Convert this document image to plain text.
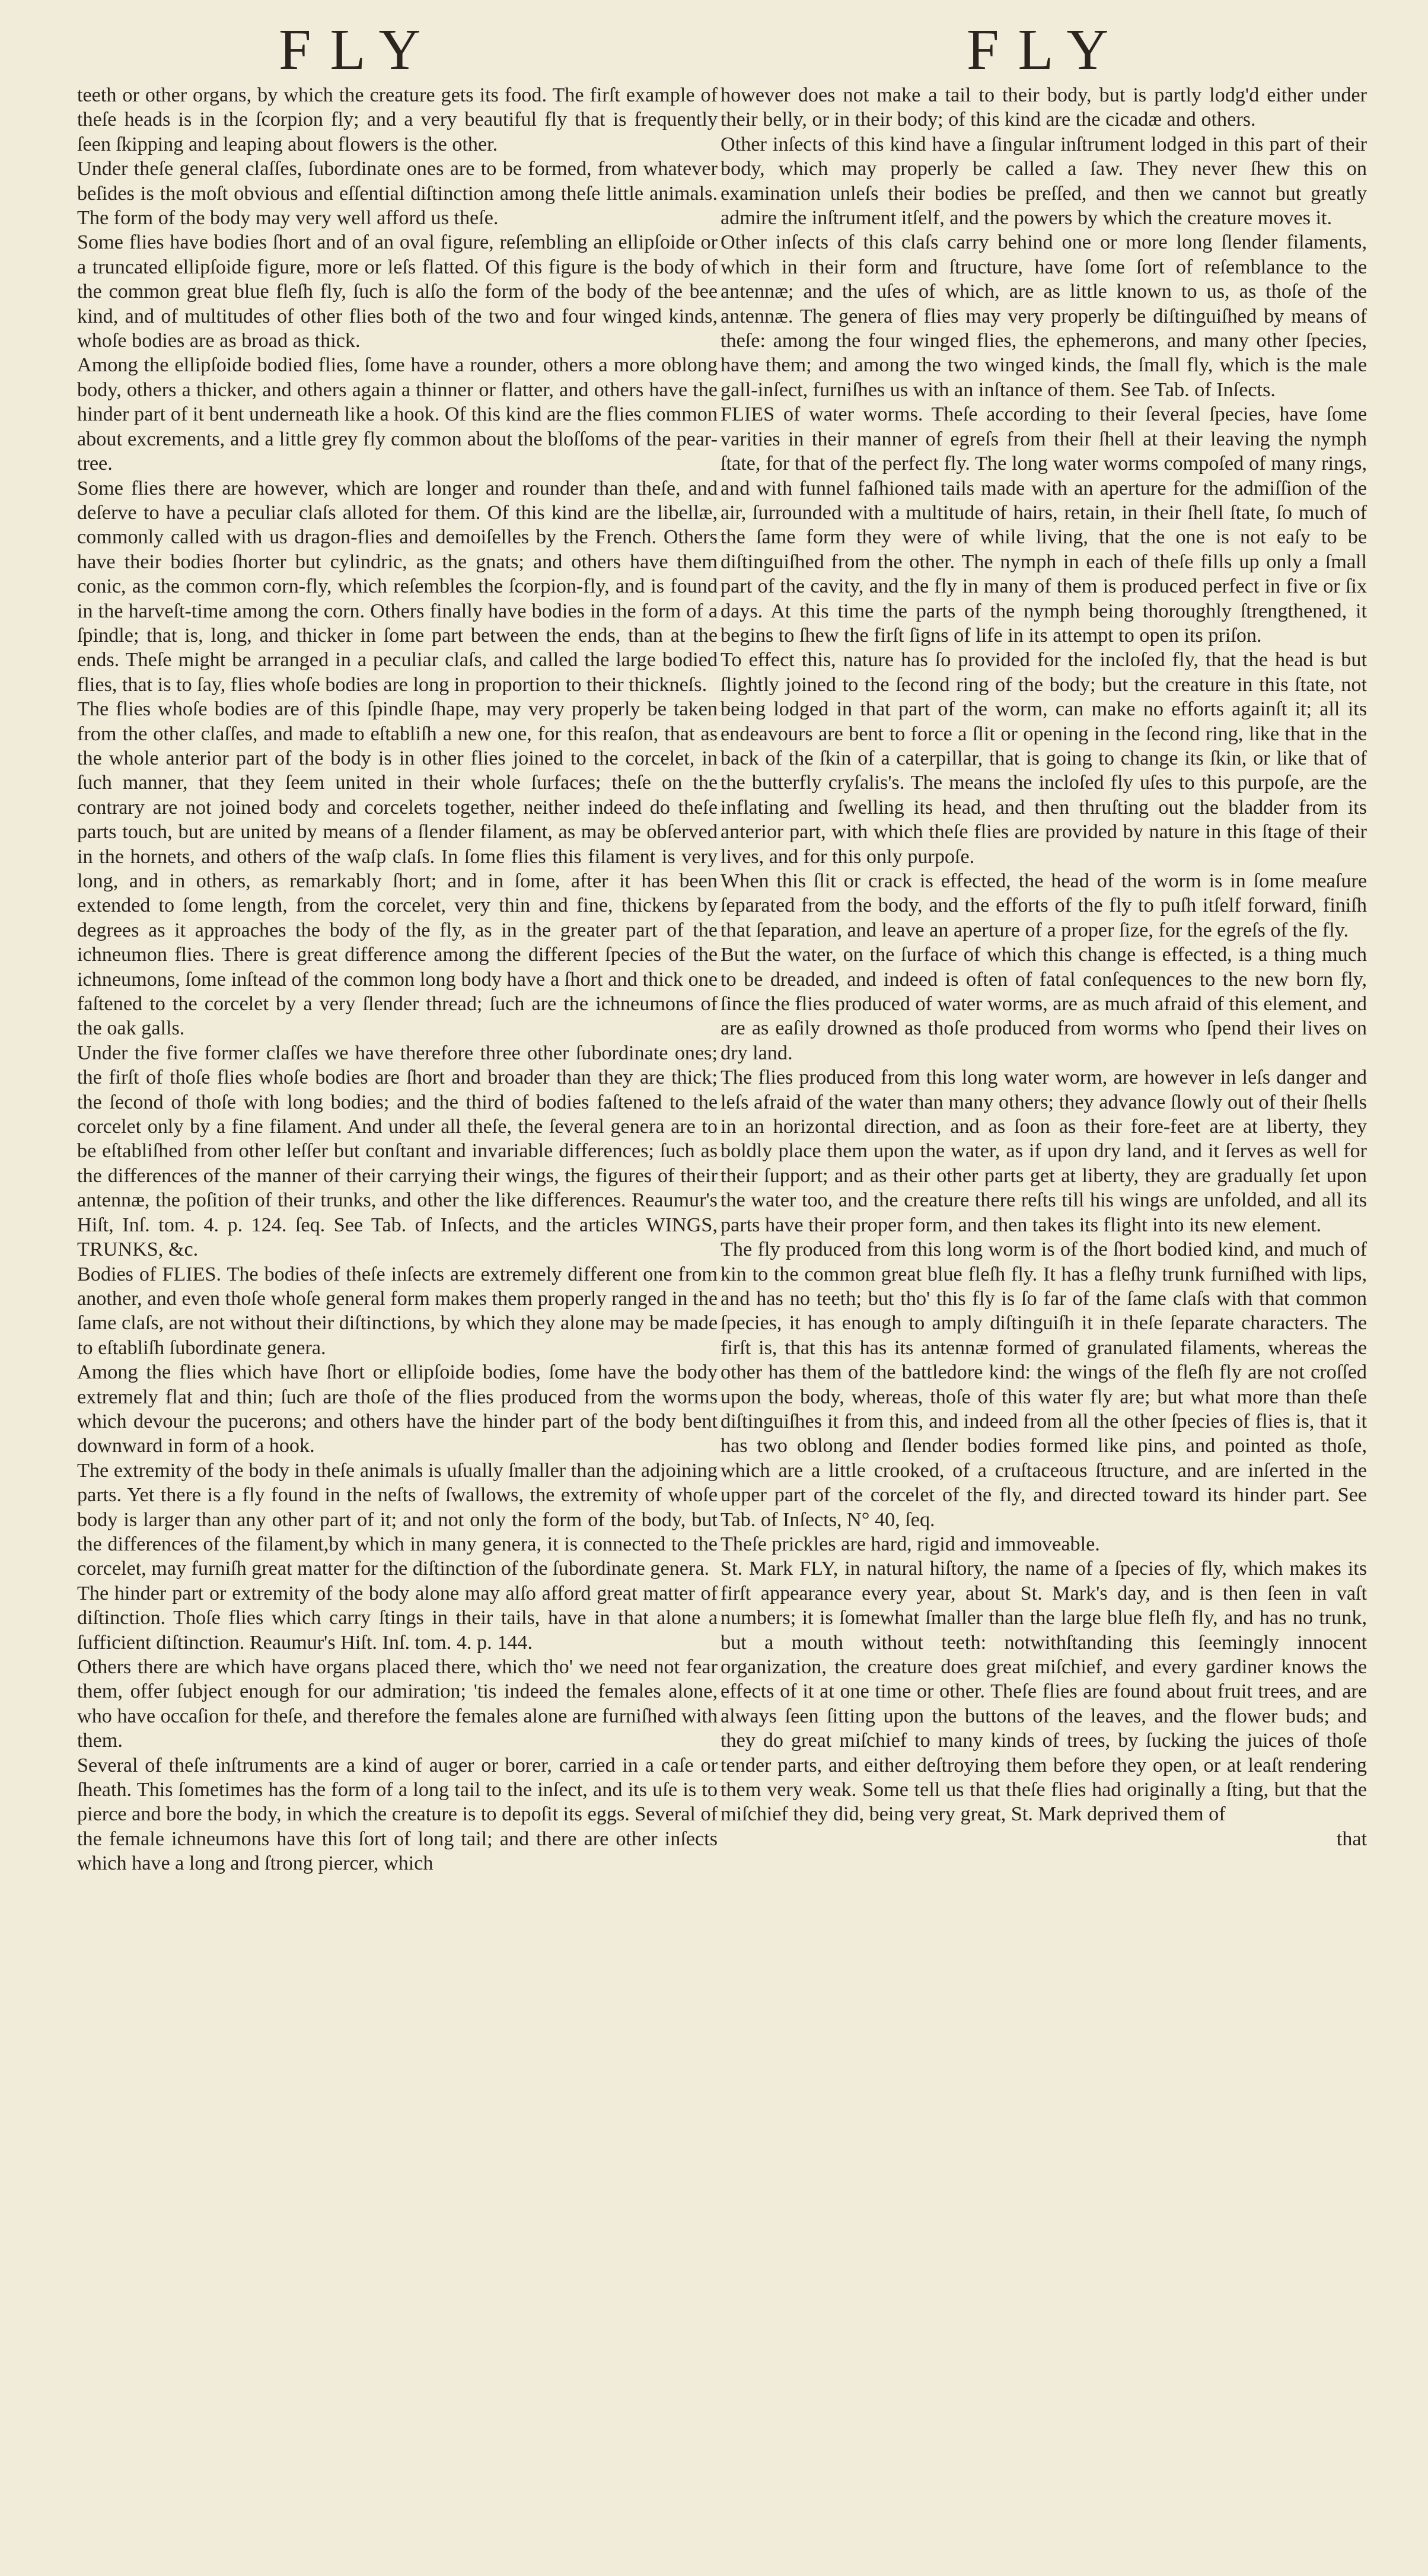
FLY	FLY

teeth or other organs, by which the creature gets its food. The firſt example of theſe heads is in the ſcorpion fly; and a very beautiful fly that is frequently ſeen ſkipping and leaping about flowers is the other.

Under theſe general claſſes, ſubordinate ones are to be formed, from whatever beſides is the moſt obvious and eſſential diſtinction among theſe little animals. The form of the body may very well afford us theſe.

Some flies have bodies ſhort and of an oval figure, reſembling an ellipſoide or a truncated ellipſoide figure, more or leſs flatted. Of this figure is the body of the common great blue fleſh fly, ſuch is alſo the form of the body of the bee kind, and of multitudes of other flies both of the two and four winged kinds, whoſe bodies are as broad as thick.

Among the ellipſoide bodied flies, ſome have a rounder, others a more oblong body, others a thicker, and others again a thinner or flatter, and others have the hinder part of it bent underneath like a hook. Of this kind are the flies common about excrements, and a little grey fly common about the bloſſoms of the pear-tree.

Some flies there are however, which are longer and rounder than theſe, and deſerve to have a peculiar claſs alloted for them. Of this kind are the libellæ, commonly called with us dragon-flies and demoiſelles by the French. Others have their bodies ſhorter but cylindric, as the gnats; and others have them conic, as the common corn-fly, which reſembles the ſcorpion-fly, and is found in the harveſt-time among the corn. Others finally have bodies in the form of a ſpindle; that is, long, and thicker in ſome part between the ends, than at the ends. Theſe might be arranged in a peculiar claſs, and called the large bodied flies, that is to ſay, flies whoſe bodies are long in proportion to their thickneſs.

The flies whoſe bodies are of this ſpindle ſhape, may very properly be taken from the other claſſes, and made to eſtabliſh a new one, for this reaſon, that as the whole anterior part of the body is in other flies joined to the corcelet, in ſuch manner, that they ſeem united in their whole ſurfaces; theſe on the contrary are not joined body and corcelets together, neither indeed do theſe parts touch, but are united by means of a ſlender filament, as may be obſerved in the hornets, and others of the waſp claſs. In ſome flies this filament is very long, and in others, as remarkably ſhort; and in ſome, after it has been extended to ſome length, from the corcelet, very thin and fine, thickens by degrees as it approaches the body of the fly, as in the greater part of the ichneumon flies. There is great difference among the different ſpecies of the ichneumons, ſome inſtead of the common long body have a ſhort and thick one faſtened to the corcelet by a very ſlender thread; ſuch are the ichneumons of the oak galls.

Under the five former claſſes we have therefore three other ſubordinate ones; the firſt of thoſe flies whoſe bodies are ſhort and broader than they are thick; the ſecond of thoſe with long bodies; and the third of bodies faſtened to the corcelet only by a fine filament. And under all theſe, the ſeveral genera are to be eſtabliſhed from other leſſer but conſtant and invariable differences; ſuch as the differences of the manner of their carrying their wings, the figures of their antennæ, the poſition of their trunks, and other the like differences. Reaumur's Hiſt, Inſ. tom. 4. p. 124. ſeq. See Tab. of Inſects, and the articles WINGS, TRUNKS, &c.

Bodies of FLIES. The bodies of theſe inſects are extremely different one from another, and even thoſe whoſe general form makes them properly ranged in the ſame claſs, are not without their diſtinctions, by which they alone may be made to eſtabliſh ſubordinate genera.

Among the flies which have ſhort or ellipſoide bodies, ſome have the body extremely flat and thin; ſuch are thoſe of the flies produced from the worms which devour the pucerons; and others have the hinder part of the body bent downward in form of a hook.

The extremity of the body in theſe animals is uſually ſmaller than the adjoining parts. Yet there is a fly found in the neſts of ſwallows, the extremity of whoſe body is larger than any other part of it; and not only the form of the body, but the differences of the filament,by which in many genera, it is connected to the corcelet, may furniſh great matter for the diſtinction of the ſubordinate genera.

The hinder part or extremity of the body alone may alſo afford great matter of diſtinction. Thoſe flies which carry ſtings in their tails, have in that alone a ſufficient diſtinction. Reaumur's Hiſt. Inſ. tom. 4. p. 144.

Others there are which have organs placed there, which tho' we need not fear them, offer ſubject enough for our admiration; 'tis indeed the females alone, who have occaſion for theſe, and therefore the females alone are furniſhed with them.

Several of theſe inſtruments are a kind of auger or borer, carried in a caſe or ſheath. This ſometimes has the form of a long tail to the inſect, and its uſe is to pierce and bore the body, in which the creature is to depoſit its eggs. Several of the female ichneumons have this ſort of long tail; and there are other inſects which have a long and ſtrong piercer, which

however does not make a tail to their body, but is partly lodg'd either under their belly, or in their body; of this kind are the cicadæ and others.

Other inſects of this kind have a ſingular inſtrument lodged in this part of their body, which may properly be called a ſaw. They never ſhew this on examination unleſs their bodies be preſſed, and then we cannot but greatly admire the inſtrument itſelf, and the powers by which the creature moves it.

Other inſects of this claſs carry behind one or more long ſlender filaments, which in their form and ſtructure, have ſome ſort of reſemblance to the antennæ; and the uſes of which, are as little known to us, as thoſe of the antennæ. The genera of flies may very properly be diſtinguiſhed by means of theſe: among the four winged flies, the ephemerons, and many other ſpecies, have them; and among the two winged kinds, the ſmall fly, which is the male gall-inſect, furniſhes us with an inſtance of them. See Tab. of Inſects.

FLIES of water worms. Theſe according to their ſeveral ſpecies, have ſome varities in their manner of egreſs from their ſhell at their leaving the nymph ſtate, for that of the perfect fly. The long water worms compoſed of many rings, and with funnel faſhioned tails made with an aperture for the admiſſion of the air, ſurrounded with a multitude of hairs, retain, in their ſhell ſtate, ſo much of the ſame form they were of while living, that the one is not eaſy to be diſtinguiſhed from the other. The nymph in each of theſe fills up only a ſmall part of the cavity, and the fly in many of them is produced perfect in five or ſix days. At this time the parts of the nymph being thoroughly ſtrengthened, it begins to ſhew the firſt ſigns of life in its attempt to open its priſon.

To effect this, nature has ſo provided for the incloſed fly, that the head is but ſlightly joined to the ſecond ring of the body; but the creature in this ſtate, not being lodged in that part of the worm, can make no efforts againſt it; all its endeavours are bent to force a ſlit or opening in the ſecond ring, like that in the back of the ſkin of a caterpillar, that is going to change its ſkin, or like that of the butterfly cryſalis's. The means the incloſed fly uſes to this purpoſe, are the inflating and ſwelling its head, and then thruſting out the bladder from its anterior part, with which theſe flies are provided by nature in this ſtage of their lives, and for this only purpoſe.

When this ſlit or crack is effected, the head of the worm is in ſome meaſure ſeparated from the body, and the efforts of the fly to puſh itſelf forward, finiſh that ſeparation, and leave an aperture of a proper ſize, for the egreſs of the fly.

But the water, on the ſurface of which this change is effected, is a thing much to be dreaded, and indeed is often of fatal conſequences to the new born fly, ſince the flies produced of water worms, are as much afraid of this element, and are as eaſily drowned as thoſe produced from worms who ſpend their lives on dry land.

The flies produced from this long water worm, are however in leſs danger and leſs afraid of the water than many others; they advance ſlowly out of their ſhells in an horizontal direction, and as ſoon as their fore-feet are at liberty, they boldly place them upon the water, as if upon dry land, and it ſerves as well for their ſupport; and as their other parts get at liberty, they are gradually ſet upon the water too, and the creature there reſts till his wings are unfolded, and all its parts have their proper form, and then takes its flight into its new element.

The fly produced from this long worm is of the ſhort bodied kind, and much of kin to the common great blue fleſh fly. It has a fleſhy trunk furniſhed with lips, and has no teeth; but tho' this fly is ſo far of the ſame claſs with that common ſpecies, it has enough to amply diſtinguiſh it in theſe ſeparate characters. The firſt is, that this has its antennæ formed of granulated filaments, whereas the other has them of the battledore kind: the wings of the fleſh fly are not croſſed upon the body, whereas, thoſe of this water fly are; but what more than theſe diſtinguiſhes it from this, and indeed from all the other ſpecies of flies is, that it has two oblong and ſlender bodies formed like pins, and pointed as thoſe, which are a little crooked, of a cruſtaceous ſtructure, and are inſerted in the upper part of the corcelet of the fly, and directed toward its hinder part. See Tab. of Inſects, N° 40, ſeq.

Theſe prickles are hard, rigid and immoveable.

St. Mark FLY, in natural hiſtory, the name of a ſpecies of fly, which makes its firſt appearance every year, about St. Mark's day, and is then ſeen in vaſt numbers; it is ſomewhat ſmaller than the large blue fleſh fly, and has no trunk, but a mouth without teeth: notwithſtanding this ſeemingly innocent organization, the creature does great miſchief, and every gardiner knows the effects of it at one time or other. Theſe flies are found about fruit trees, and are always ſeen ſitting upon the buttons of the leaves, and the flower buds; and they do great miſchief to many kinds of trees, by ſucking the juices of thoſe tender parts, and either deſtroying them before they open, or at leaſt rendering them very weak. Some tell us that theſe flies had originally a ſting, but that the miſchief they did, being very great, St. Mark deprived them of

that
